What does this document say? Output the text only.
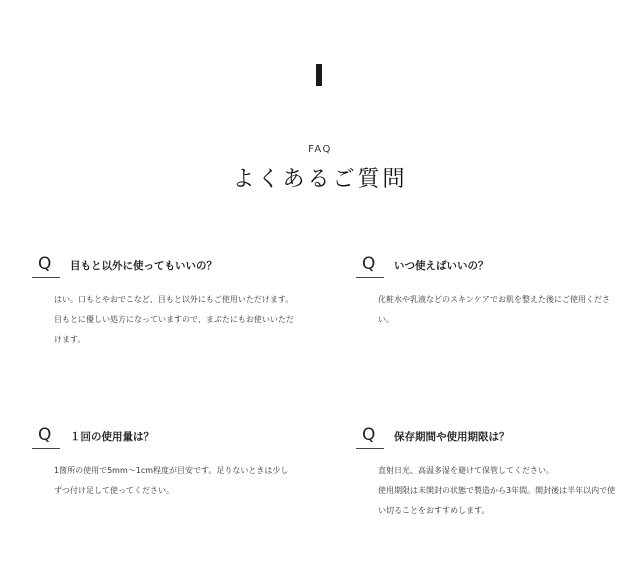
FAQ
よくあるご質問
Q	目もと以外に使ってもいいの？

はい。口もとやおでこなど、目もと以外にもご使用いただけます。目もとに優しい処方になっていますので、まぶたにもお使いいただけます。

Q	いつ使えばいいの？

化粧水や乳液などのスキンケアでお肌を整えた後にご使用ください。

Q	１回の使用量は？

1箇所の使用で5mm〜1cm程度が目安です。足りないときは少しずつ付け足して使ってください。

Q	保存期間や使用期限は？

直射日光、高温多湿を避けて保管してください。

使用期限は未開封の状態で製造から3年間。開封後は半年以内で使い切ることをおすすめします。
